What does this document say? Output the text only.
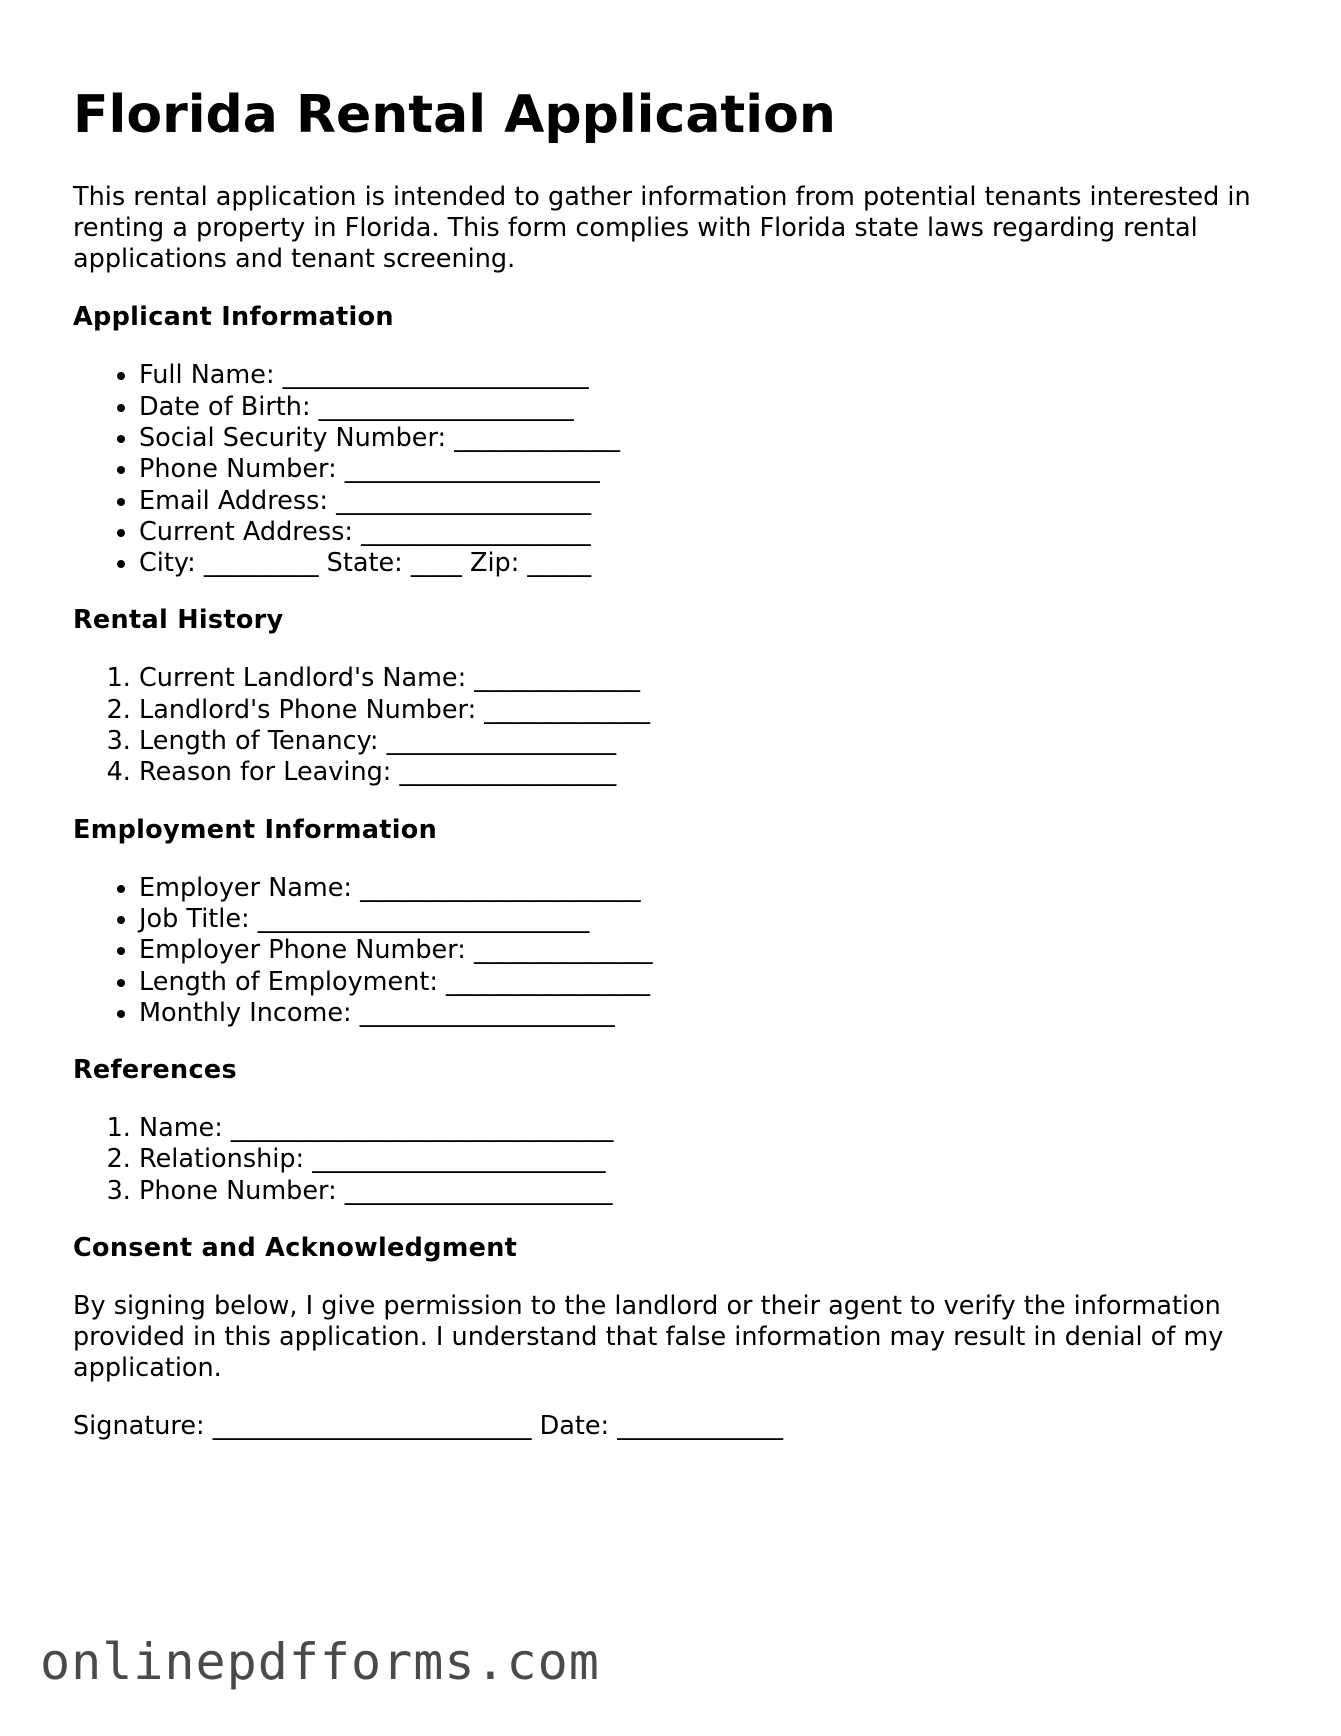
Florida Rental Application

This rental application is intended to gather information from potential tenants interested in renting a property in Florida. This form complies with Florida state laws regarding rental applications and tenant screening.

Applicant Information
• Full Name: ________________________
• Date of Birth: ____________________
• Social Security Number: _____________
• Phone Number: ____________________
• Email Address: ____________________
• Current Address: __________________
• City: _________ State: ____ Zip: _____
Rental History
1. Current Landlord's Name: _____________
2. Landlord's Phone Number: _____________
3. Length of Tenancy: __________________
4. Reason for Leaving: _________________
Employment Information
• Employer Name: ______________________
• Job Title: __________________________
• Employer Phone Number: ______________
• Length of Employment: ________________
• Monthly Income: ____________________
References
1. Name: ______________________________
2. Relationship: _______________________
3. Phone Number: _____________________
Consent and Acknowledgment

By signing below, I give permission to the landlord or their agent to verify the information provided in this application. I understand that false information may result in denial of my application.

Signature: _________________________ Date: _____________
onlinepdfforms.com
